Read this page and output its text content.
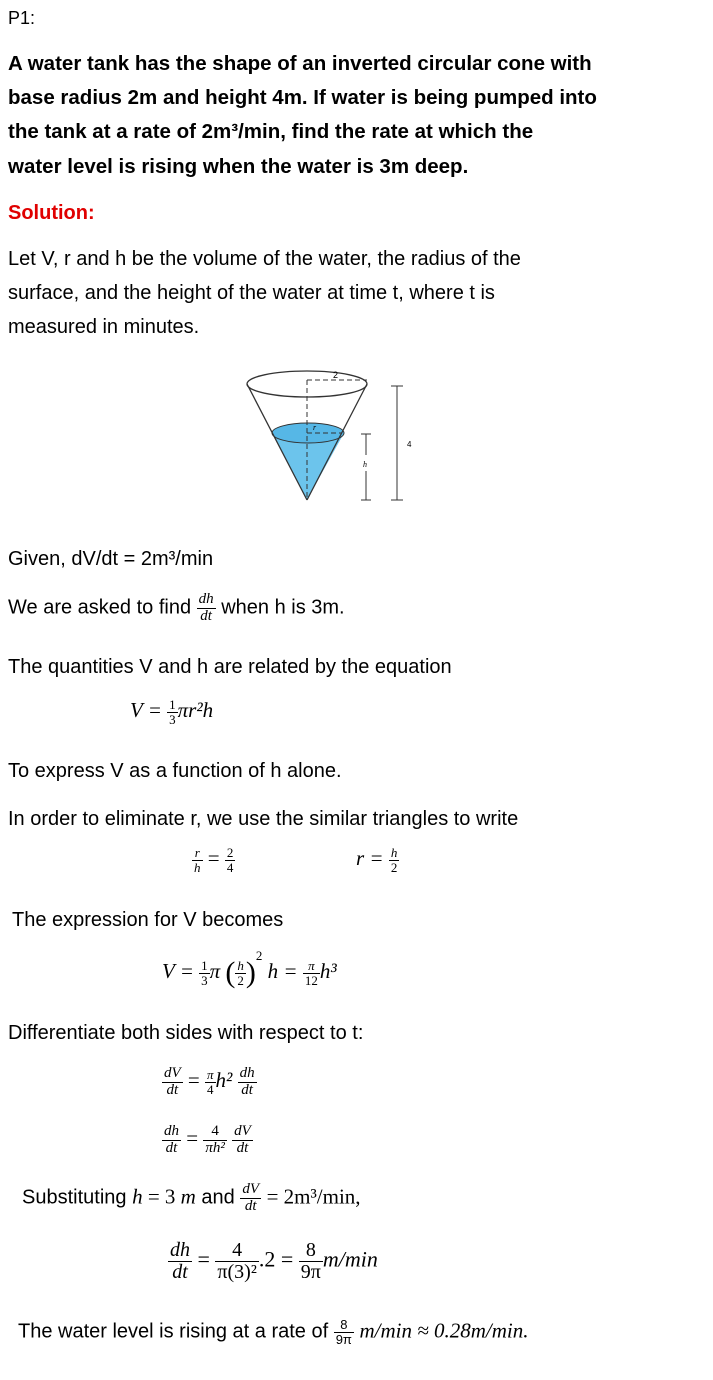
P1:
A water tank has the shape of an inverted circular cone with
base radius 2m and height 4m. If water is being pumped into
the tank at a rate of 2m³/min, find the rate at which the
water level is rising when the water is 3m deep.
Solution:
Let V, r and h be the volume of the water, the radius of the
surface, and the height of the water at time t, where t is
measured in minutes.
2
r
4
h
Given, dV/dt = 2m³/min
We are asked to find $\frac{dh}{dt}$ when h is 3m.
The quantities V and h are related by the equation
$V = \frac{1}{3} \pi r^2h$
To express V as a function of h alone.
In order to eliminate r, we use the similar triangles to write
$\frac{r}{h} = \frac{2}{4}$	$r = \frac{h}{2}$
The expression for V becomes
$V = \frac{1}{3}$ π ( $\frac{h}{2} )^2$ $h = \frac{\pi}{12} h^3$
Differentiate both sides with respect to t:
$\frac{dV}{dt} = \frac{\pi}{4} h^2 \frac{dh}{dt}$
$\frac{dh}{dt} = \frac{4}{\text{πh²}}$
$\frac{dV}{dt}$
Substituting h = 3 m and $\frac{dV}{dt} = 2m^3/\min$,
$\frac{dh}{dt} = \frac{4}{\text{π(3)²}} .2 = \frac{8}{9\pi} m/\min$
The water level is rising at a rate of $\frac{8}{9\pi} m/\min \approx 0.28m/\min$.
